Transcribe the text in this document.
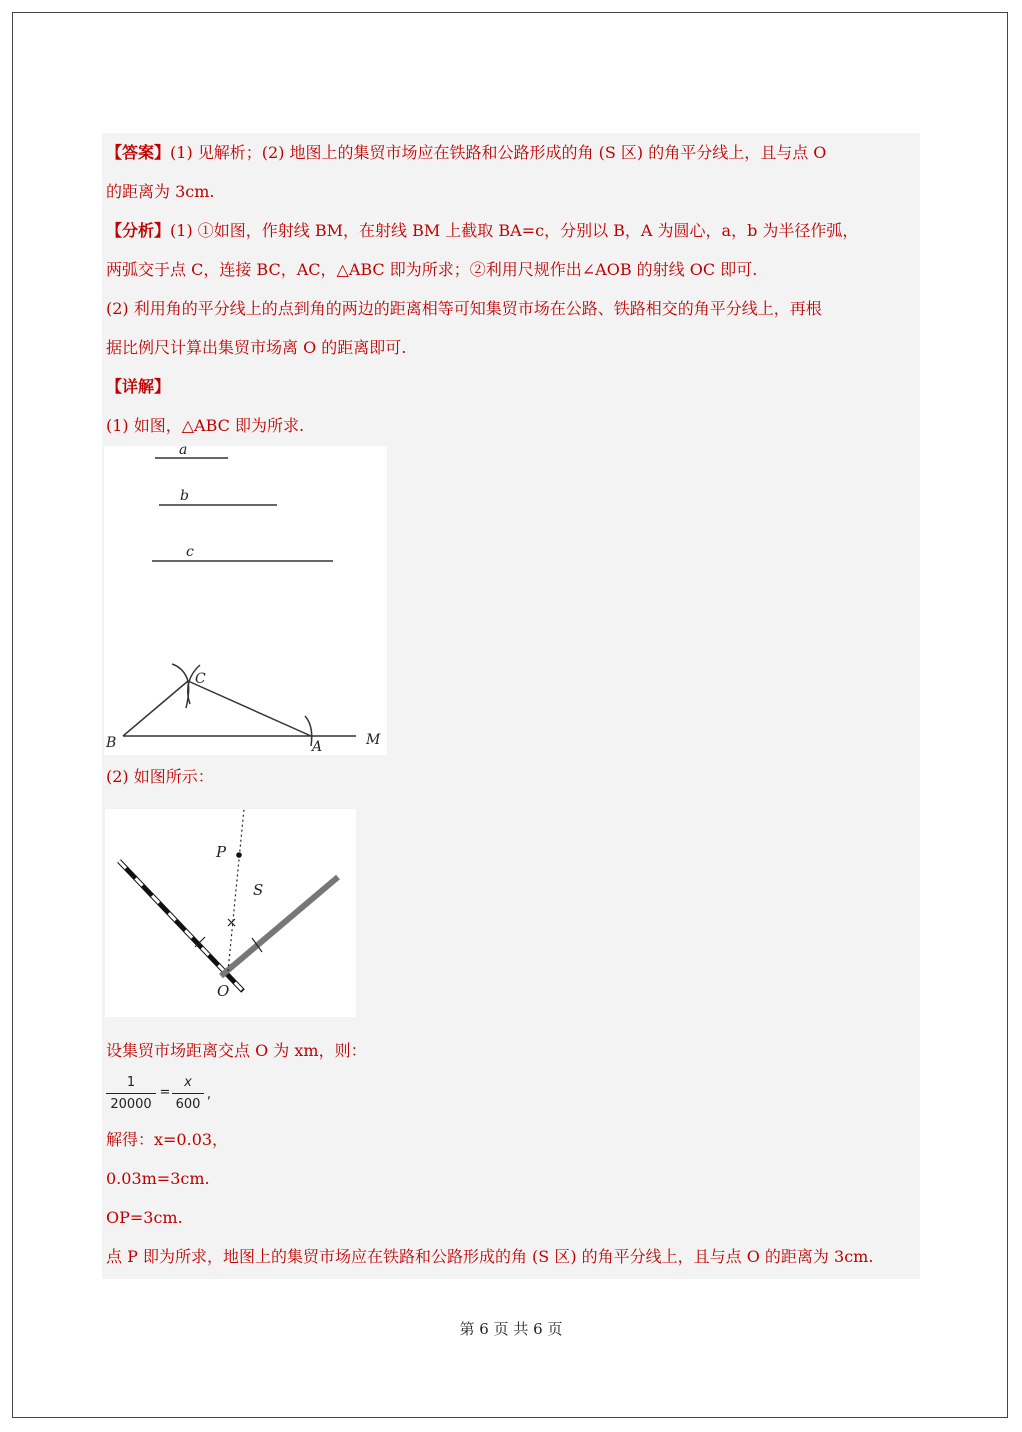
【答案】(1) 见解析；(2) 地图上的集贸市场应在铁路和公路形成的角 (S 区) 的角平分线上，且与点 O
的距离为 3cm.
【分析】(1) ①如图，作射线 BM，在射线 BM 上截取 BA=c，分别以 B，A 为圆心，a，b 为半径作弧，
两弧交于点 C，连接 BC，AC，△ABC 即为所求；②利用尺规作出∠AOB 的射线 OC 即可.
(2) 利用角的平分线上的点到角的两边的距离相等可知集贸市场在公路、铁路相交的角平分线上，再根
据比例尺计算出集贸市场离 O 的距离即可.
【详解】
(1) 如图，△ABC 即为所求.
a
b
c
B	A
C
M
(2) 如图所示：
P
S
O
设集贸市场距离交点 O 为 xm，则：
1
20000
=
x
600
,
解得：x=0.03，
0.03m=3cm.
OP=3cm.
点 P 即为所求，地图上的集贸市场应在铁路和公路形成的角 (S 区) 的角平分线上，且与点 O 的距离为 3cm.
第 6 页 共 6 页
